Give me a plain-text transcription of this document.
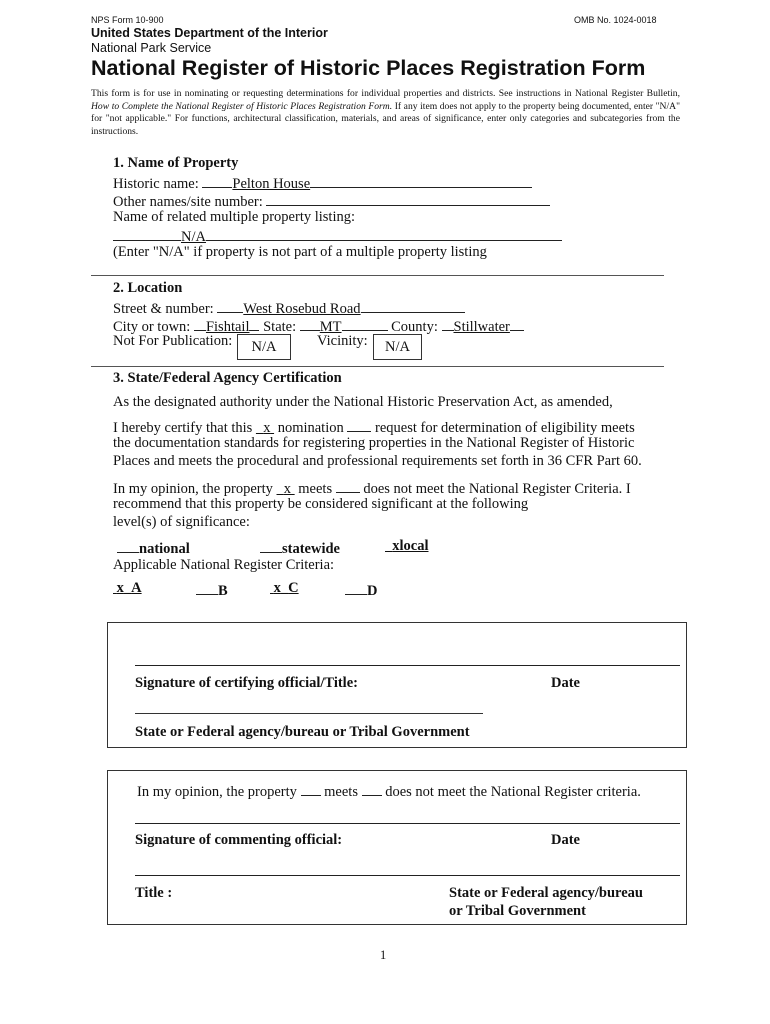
NPS Form 10-900	OMB No. 1024-0018
United States Department of the Interior
National Park Service
National Register of Historic Places Registration Form
This form is for use in nominating or requesting determinations for individual properties and districts. See instructions in National Register Bulletin, How to Complete the National Register of Historic Places Registration Form. If any item does not apply to the property being documented, enter "N/A" for "not applicable." For functions, architectural classification, materials, and areas of significance, enter only categories and subcategories from the instructions.
1. Name of Property
Historic name: Pelton House
Other names/site number:
Name of related multiple property listing:
N/A
(Enter "N/A" if property is not part of a multiple property listing
2. Location
Street & number: West Rosebud Road
City or town: Fishtail State: MT	County: Stillwater
Not For Publication:	N/A	Vicinity:	N/A
3. State/Federal Agency Certification
As the designated authority under the National Historic Preservation Act, as amended,
I hereby certify that this   x  nomination  request for determination of eligibility meets
the documentation standards for registering properties in the National Register of Historic
Places and meets the procedural and professional requirements set forth in 36 CFR Part 60.
In my opinion, the property   x  meets  does not meet the National Register Criteria. I
recommend that this property be considered significant at the following
level(s) of significance:
national	statewide	xlocal
Applicable National Register Criteria:
x_A	B	x_C	D
Signature of certifying official/Title:	Date
State or Federal agency/bureau or Tribal Government
In my opinion, the property  meets  does not meet the National Register criteria.
Signature of commenting official:	Date
Title :	State or Federal agency/bureau
or Tribal Government
1
